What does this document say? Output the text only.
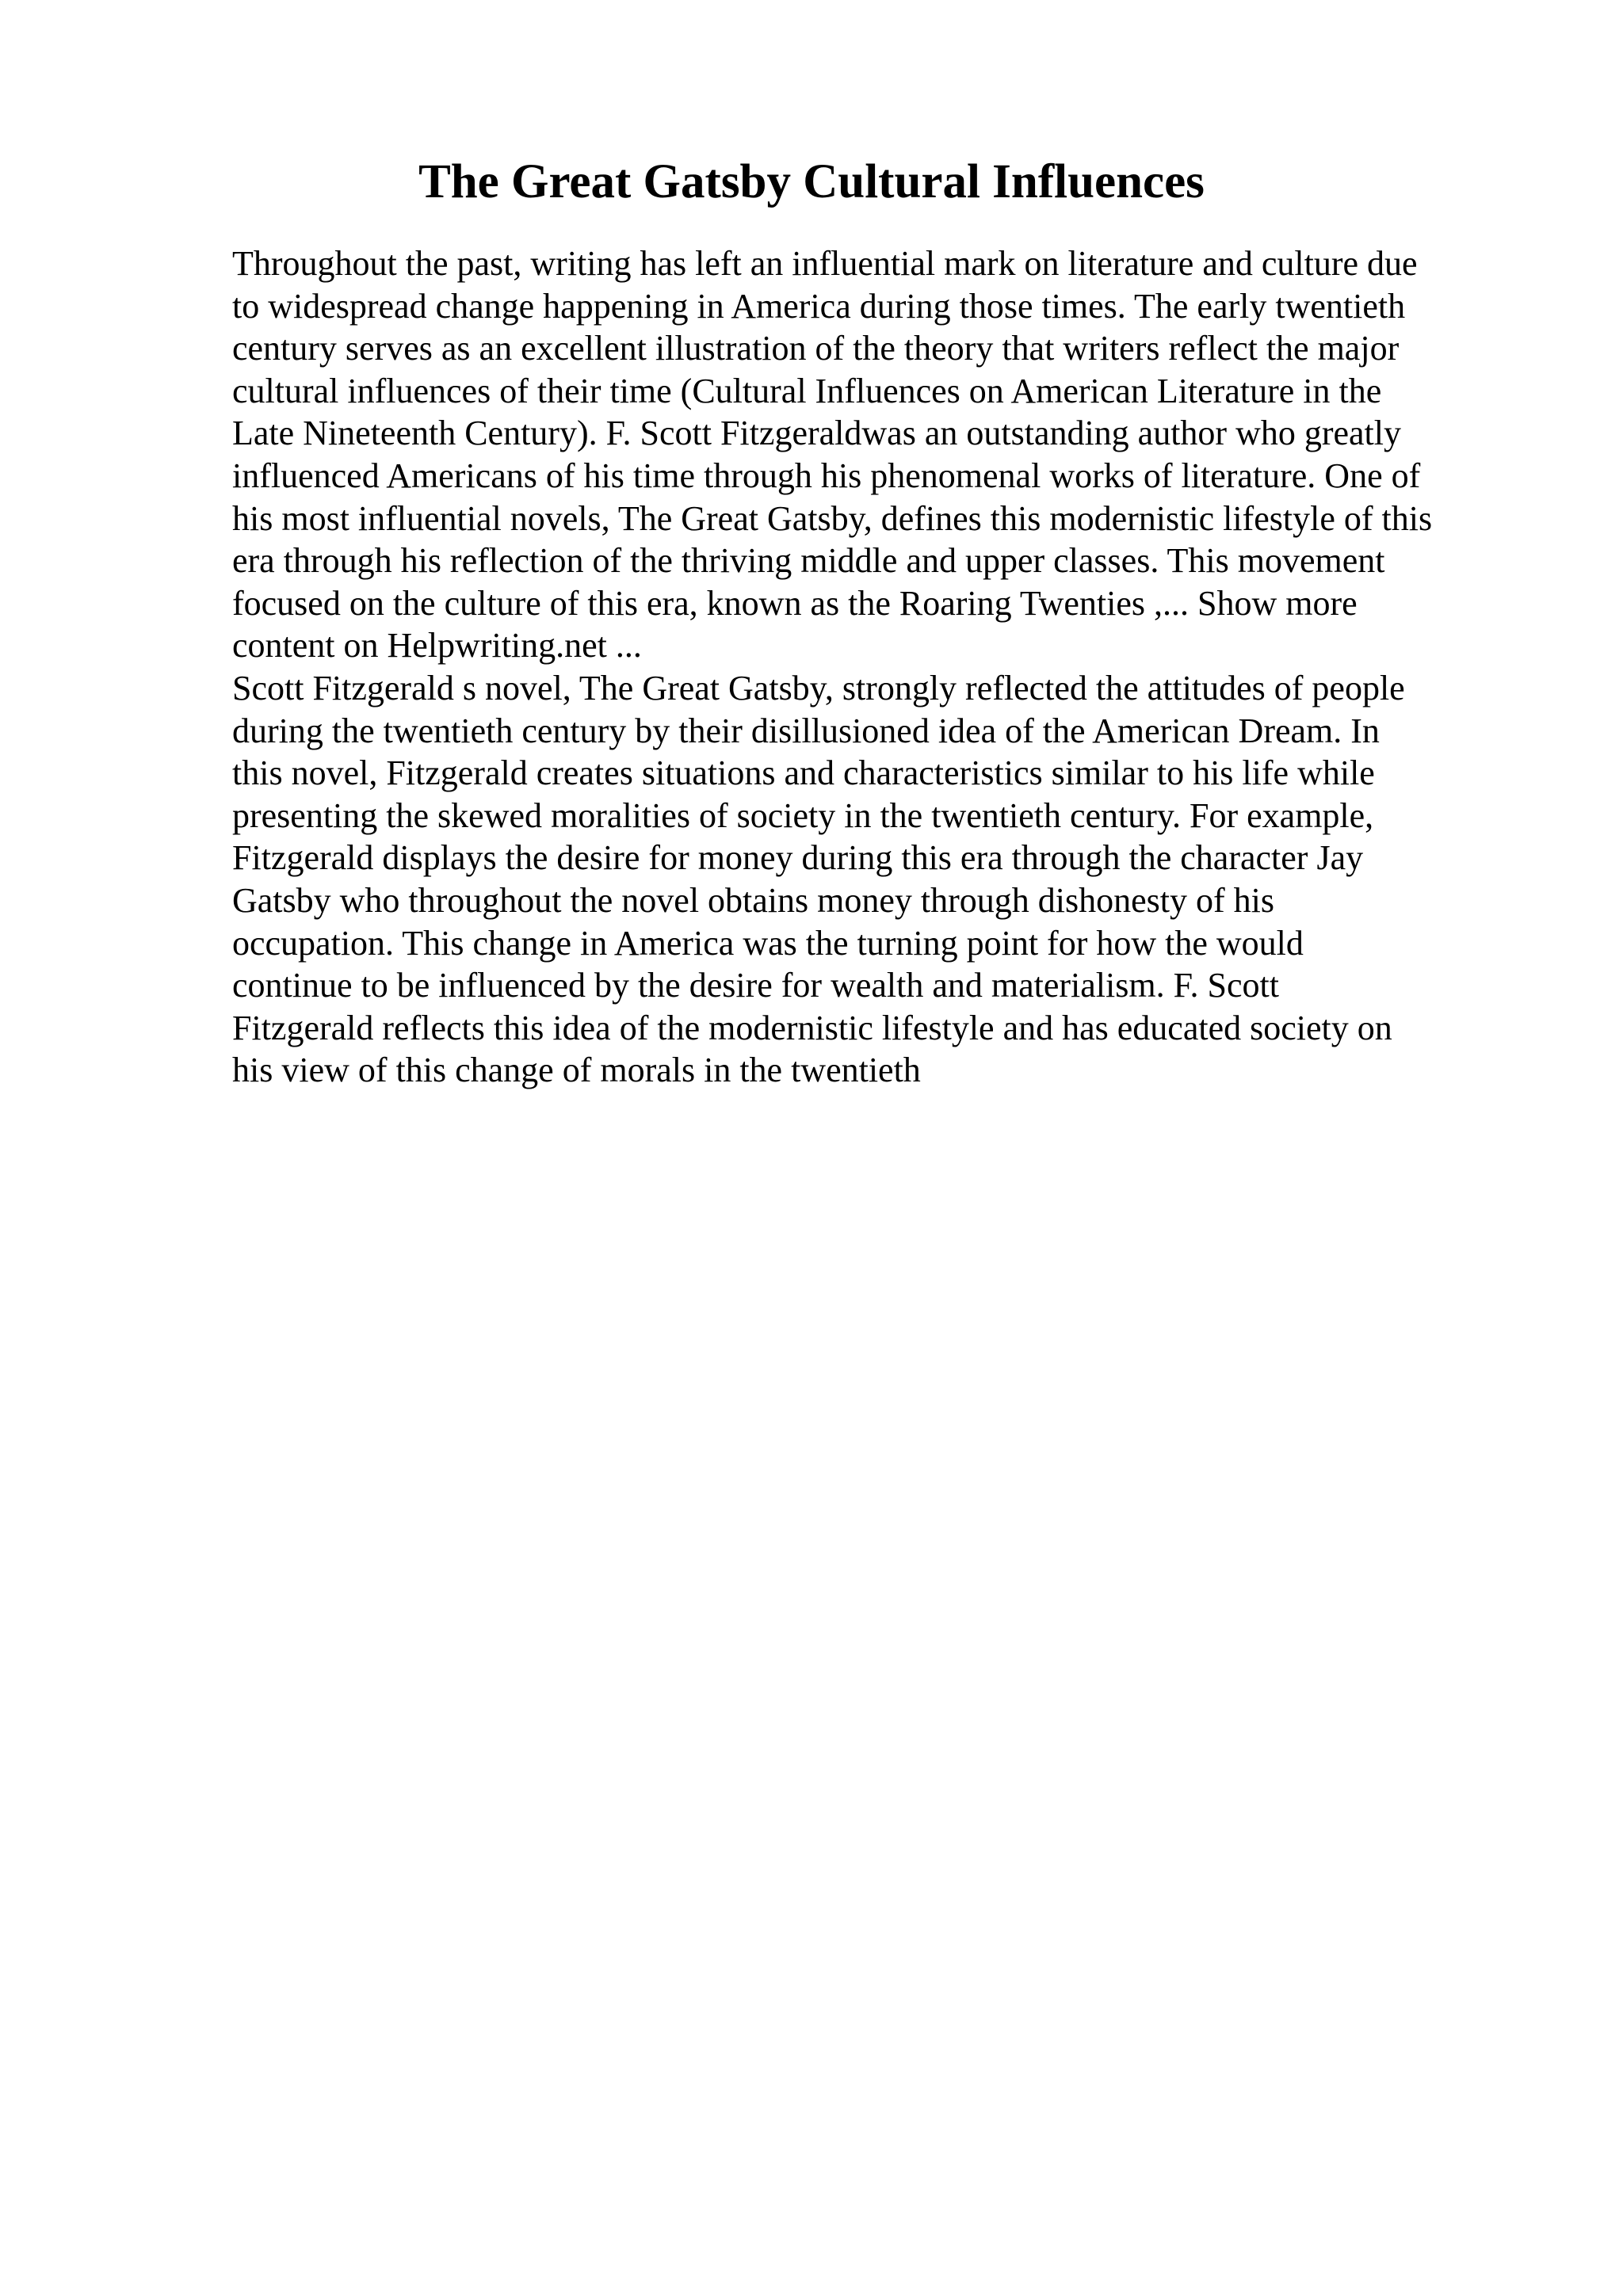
The Great Gatsby Cultural Influences
Throughout the past, writing has left an influential mark on literature and culture due
to widespread change happening in America during those times. The early twentieth
century serves as an excellent illustration of the theory that writers reflect the major
cultural influences of their time (Cultural Influences on American Literature in the
Late Nineteenth Century). F. Scott Fitzgeraldwas an outstanding author who greatly
influenced Americans of his time through his phenomenal works of literature. One of
his most influential novels, The Great Gatsby, defines this modernistic lifestyle of this
era through his reflection of the thriving middle and upper classes. This movement
focused on the culture of this era, known as the Roaring Twenties ,... Show more
content on Helpwriting.net ...
Scott Fitzgerald s novel, The Great Gatsby, strongly reflected the attitudes of people
during the twentieth century by their disillusioned idea of the American Dream. In
this novel, Fitzgerald creates situations and characteristics similar to his life while
presenting the skewed moralities of society in the twentieth century. For example,
Fitzgerald displays the desire for money during this era through the character Jay
Gatsby who throughout the novel obtains money through dishonesty of his
occupation. This change in America was the turning point for how the would
continue to be influenced by the desire for wealth and materialism. F. Scott
Fitzgerald reflects this idea of the modernistic lifestyle and has educated society on
his view of this change of morals in the twentieth
